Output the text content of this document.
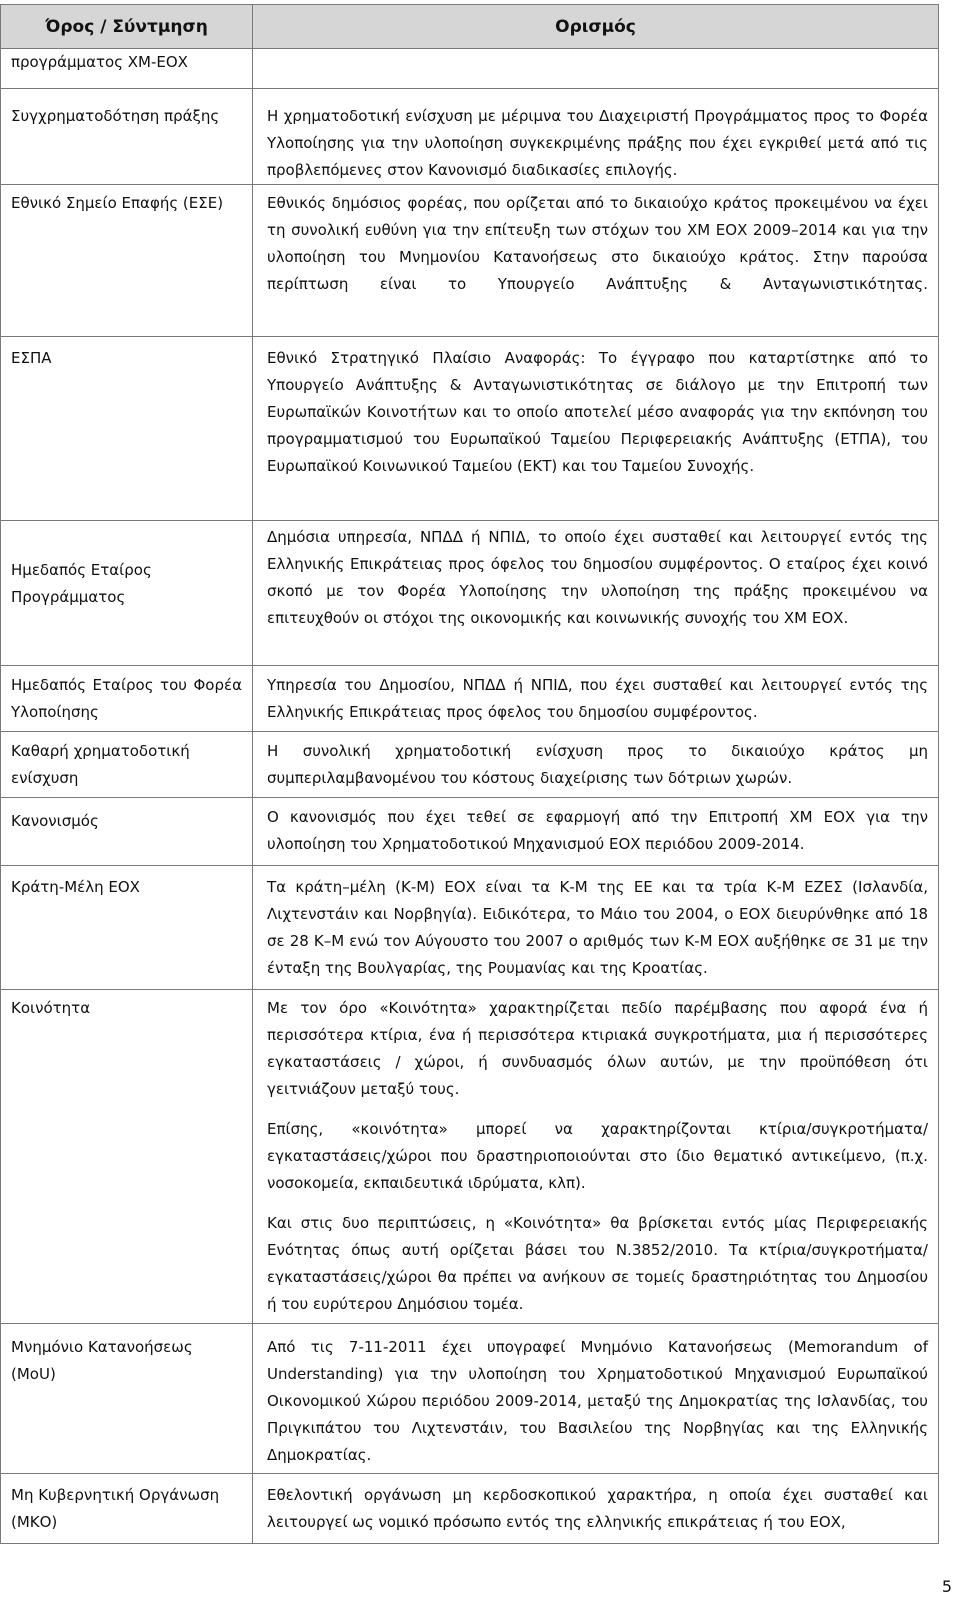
Όρος / Σύντμηση	Ορισμός
προγράμματος ΧΜ-ΕΟΧ	
Συγχρηματοδότηση πράξης	Η χρηματοδοτική ενίσχυση με μέριμνα του Διαχειριστή Προγράμματος προς το Φορέα Υλοποίησης για την υλοποίηση συγκεκριμένης πράξης που έχει εγκριθεί μετά από τις προβλεπόμενες στον Κανονισμό διαδικασίες επιλογής.

Εθνικό Σημείο Επαφής (ΕΣΕ)	Εθνικός δημόσιος φορέας, που ορίζεται από το δικαιούχο κράτος προκειμένου να έχει τη συνολική ευθύνη για την επίτευξη των στόχων του ΧΜ ΕΟΧ 2009–2014 και για την υλοποίηση του Μνημονίου Κατανοήσεως στο δικαιούχο κράτος. Στην παρούσα περίπτωση είναι το Υπουργείο Ανάπτυξης & Ανταγωνιστικότητας.

ΕΣΠΑ	Εθνικό Στρατηγικό Πλαίσιο Αναφοράς: Το έγγραφο που καταρτίστηκε από το Υπουργείο Ανάπτυξης & Ανταγωνιστικότητας σε διάλογο με την Επιτροπή των Ευρωπαϊκών Κοινοτήτων και το οποίο αποτελεί μέσο αναφοράς για την εκπόνηση του προγραμματισμού του Ευρωπαϊκού Ταμείου Περιφερειακής Ανάπτυξης (ΕΤΠΑ), του Ευρωπαϊκού Κοινωνικού Ταμείου (ΕΚΤ) και του Ταμείου Συνοχής.

Ημεδαπός Εταίρος Προγράμματος	Δημόσια υπηρεσία, ΝΠΔΔ ή ΝΠΙΔ, το οποίο έχει συσταθεί και λειτουργεί εντός της Ελληνικής Επικράτειας προς όφελος του δημοσίου συμφέροντος. Ο εταίρος έχει κοινό σκοπό με τον Φορέα Υλοποίησης την υλοποίηση της πράξης προκειμένου να επιτευχθούν οι στόχοι της οικονομικής και κοινωνικής συνοχής του ΧΜ ΕΟΧ.

Ημεδαπός Εταίρος του Φορέα Υλοποίησης	Υπηρεσία του Δημοσίου, ΝΠΔΔ ή ΝΠΙΔ, που έχει συσταθεί και λειτουργεί εντός της Ελληνικής Επικράτειας προς όφελος του δημοσίου συμφέροντος.

Καθαρή χρηματοδοτική ενίσχυση	Η συνολική χρηματοδοτική ενίσχυση προς το δικαιούχο κράτος μη συμπεριλαμβανομένου του κόστους διαχείρισης των δότριων χωρών.

Κανονισμός	Ο κανονισμός που έχει τεθεί σε εφαρμογή από την Επιτροπή ΧΜ ΕΟΧ για την υλοποίηση του Χρηματοδοτικού Μηχανισμού ΕΟΧ περιόδου 2009-2014.

Κράτη-Μέλη ΕΟΧ	Τα κράτη–μέλη (Κ-Μ) ΕΟΧ είναι τα Κ-Μ της ΕΕ και τα τρία Κ-Μ ΕΖΕΣ (Ισλανδία, Λιχτενστάιν και Νορβηγία). Ειδικότερα, το Μάιο του 2004, ο ΕΟΧ διευρύνθηκε από 18 σε 28 Κ–Μ ενώ τον Αύγουστο του 2007 ο αριθμός των Κ-Μ ΕΟΧ αυξήθηκε σε 31 με την ένταξη της Βουλγαρίας, της Ρουμανίας και της Κροατίας.

Κοινότητα	Με τον όρο «Κοινότητα» χαρακτηρίζεται πεδίο παρέμβασης που αφορά ένα ή περισσότερα κτίρια, ένα ή περισσότερα κτιριακά συγκροτήματα, μια ή περισσότερες εγκαταστάσεις / χώροι, ή συνδυασμός όλων αυτών, με την προϋπόθεση ότι γειτνιάζουν μεταξύ τους.

Επίσης, «κοινότητα» μπορεί να χαρακτηρίζονται κτίρια/συγκροτήματα/ εγκαταστάσεις/χώροι που δραστηριοποιούνται στο ίδιο θεματικό αντικείμενο, (π.χ. νοσοκομεία, εκπαιδευτικά ιδρύματα, κλπ).

Και στις δυο περιπτώσεις, η «Κοινότητα» θα βρίσκεται εντός μίας Περιφερειακής Ενότητας όπως αυτή ορίζεται βάσει του Ν.3852/2010. Τα κτίρια/συγκροτήματα/εγκαταστάσεις/χώροι θα πρέπει να ανήκουν σε τομείς δραστηριότητας του Δημοσίου ή του ευρύτερου Δημόσιου τομέα.

Μνημόνιο Κατανοήσεως (MoU)	Από τις 7-11-2011 έχει υπογραφεί Μνημόνιο Κατανοήσεως (Memorandum of Understanding) για την υλοποίηση του Χρηματοδοτικού Μηχανισμού Ευρωπαϊκού Οικονομικού Χώρου περιόδου 2009-2014, μεταξύ της Δημοκρατίας της Ισλανδίας, του Πριγκιπάτου του Λιχτενστάιν, του Βασιλείου της Νορβηγίας και της Ελληνικής Δημοκρατίας.

Μη Κυβερνητική Οργάνωση (ΜΚΟ)	Εθελοντική οργάνωση μη κερδοσκοπικού χαρακτήρα, η οποία έχει συσταθεί και λειτουργεί ως νομικό πρόσωπο εντός της ελληνικής επικράτειας ή του ΕΟΧ,

5
